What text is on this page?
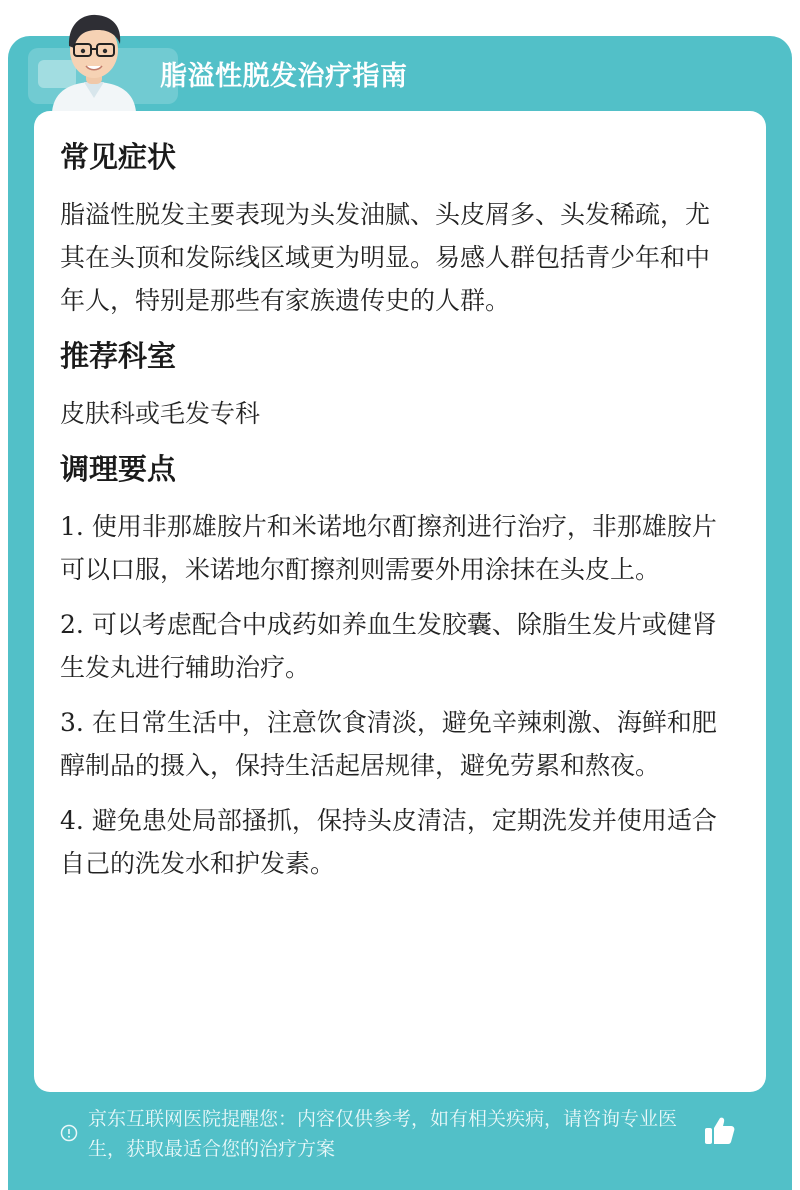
脂溢性脱发治疗指南
常见症状

脂溢性脱发主要表现为头发油腻、头皮屑多、头发稀疏，尤其在头顶和发际线区域更为明显。易感人群包括青少年和中年人，特别是那些有家族遗传史的人群。

推荐科室

皮肤科或毛发专科

调理要点
1. 使用非那雄胺片和米诺地尔酊擦剂进行治疗，非那雄胺片可以口服，米诺地尔酊擦剂则需要外用涂抹在头皮上。
2. 可以考虑配合中成药如养血生发胶囊、除脂生发片或健肾生发丸进行辅助治疗。
3. 在日常生活中，注意饮食清淡，避免辛辣刺激、海鲜和肥醇制品的摄入，保持生活起居规律，避免劳累和熬夜。
4. 避免患处局部搔抓，保持头皮清洁，定期洗发并使用适合自己的洗发水和护发素。
京东互联网医院提醒您：内容仅供参考，如有相关疾病，请咨询专业医生，获取最适合您的治疗方案
